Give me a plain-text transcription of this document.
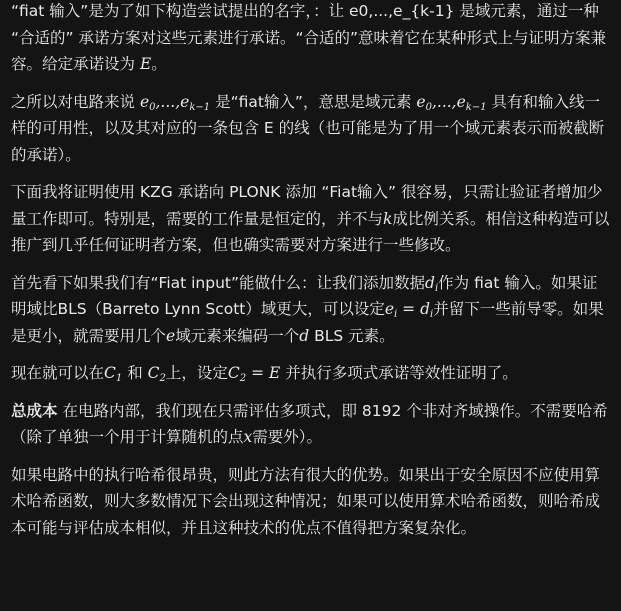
“fiat 输入”是为了如下构造尝试提出的名字，：让 e0,...,e_{k-1} 是域元素，通过一种 “合适的” 承诺方案对这些元素进行承诺。“合适的”意味着它在某种形式上与证明方案兼容。给定承诺设为 E。

之所以对电路来说 $e_0,...,e_{k-1}$ 是“fiat输入”，意思是域元素 $e_0,...,e_{k-1}$ 具有和输入线一样的可用性，以及其对应的一条包含 E 的线（也可能是为了用一个域元素表示而被截断的承诺）。

下面我将证明使用 KZG 承诺向 PLONK 添加 “Fiat输入” 很容易，只需让验证者增加少量工作即可。特别是，需要的工作量是恒定的，并不与k成比例关系。相信这种构造可以推广到几乎任何证明者方案，但也确实需要对方案进行一些修改。

首先看下如果我们有“Fiat input”能做什么：让我们添加数据$d_i$作为 fiat 输入。如果证明域比BLS（Barreto Lynn Scott）域更大，可以设定$e_i = d_i$并留下一些前导零。如果是更小，就需要用几个e域元素来编码一个d BLS 元素。

现在就可以在$C_1$ 和 $C_2$上，设定$C_2 = E$ 并执行多项式承诺等效性证明了。

总成本 在电路内部，我们现在只需评估多项式，即 8192 个非对齐域操作。不需要哈希（除了单独一个用于计算随机的点x需要外）。

如果电路中的执行哈希很昂贵，则此方法有很大的优势。如果出于安全原因不应使用算术哈希函数，则大多数情况下会出现这种情况；如果可以使用算术哈希函数，则哈希成本可能与评估成本相似，并且这种技术的优点不值得把方案复杂化。
